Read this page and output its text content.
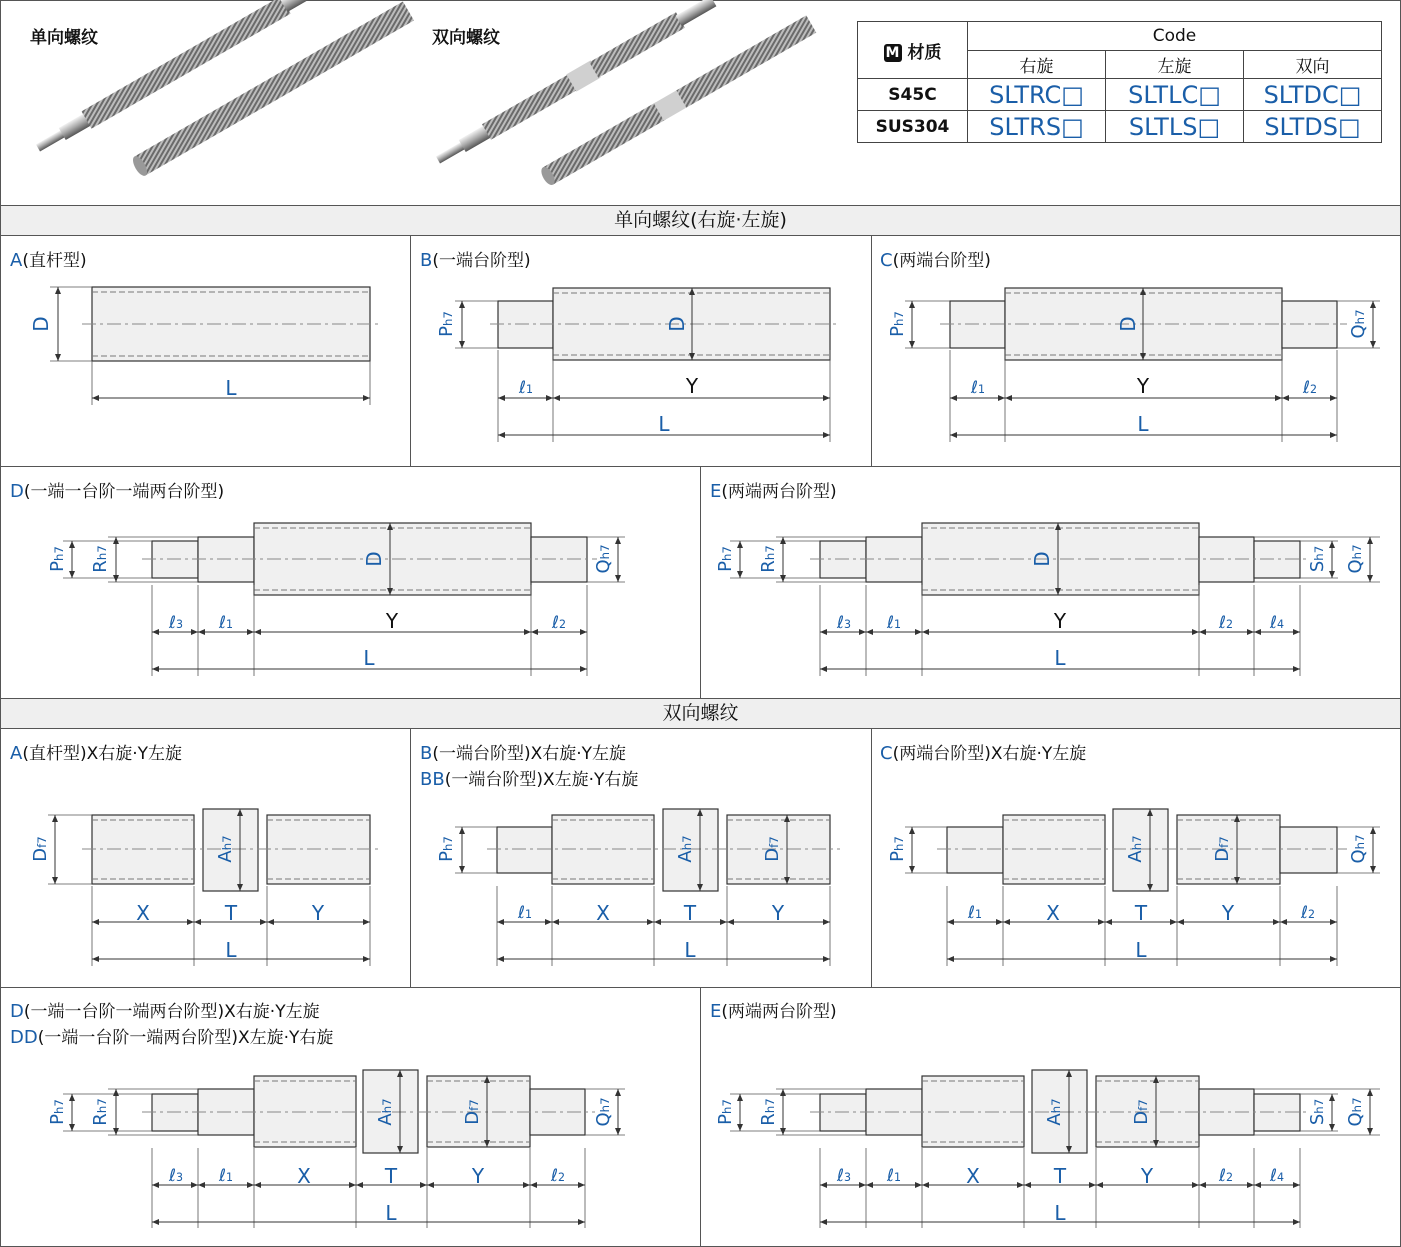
单向螺纹	双向螺纹
M 材质	Code		
	右旋	左旋	双向
S45C	SLTRC□	SLTLC□	SLTDC□
SUS304	SLTRS□	SLTLS□	SLTDS□
单向螺纹(右旋·左旋)
双向螺纹
A(直杆型)	B(一端台阶型)	C(两端台阶型)
D(一端一台阶一端两台阶型)	E(两端两台阶型)
A(直杆型)X右旋·Y左旋	B(一端台阶型)X右旋·Y左旋
BB(一端台阶型)X左旋·Y右旋
C(两端台阶型)X右旋·Y左旋
D(一端一台阶一端两台阶型)X右旋·Y左旋
DD(一端一台阶一端两台阶型)X左旋·Y右旋
E(两端两台阶型)
D
L
Ph7	D
ℓ1	Y
L
Ph7
Qh7
D
ℓ1	Y	ℓ2
L
Ph7
Rh7
Qh7
D
ℓ3 ℓ1	Y	ℓ2
L
Ph7
Rh7
Sh7
Qh7
D
ℓ3 ℓ1	Y	ℓ2 ℓ4
L
Df7
Ah7
X	T	Y
L
Ph7
Ah7
Df7
ℓ1	X	T	Y
L
Ph7
Qh7
Ah7
Df7
ℓ1	X	T	Y	ℓ2
L
Ph7
Rh7
Qh7
Ah7
Df7
ℓ3 ℓ1	X	T	Y	ℓ2
L
Ph7
Rh7
Sh7
Qh7
Ah7
Df7
ℓ3 ℓ1	X	T	Y	ℓ2 ℓ4
L
